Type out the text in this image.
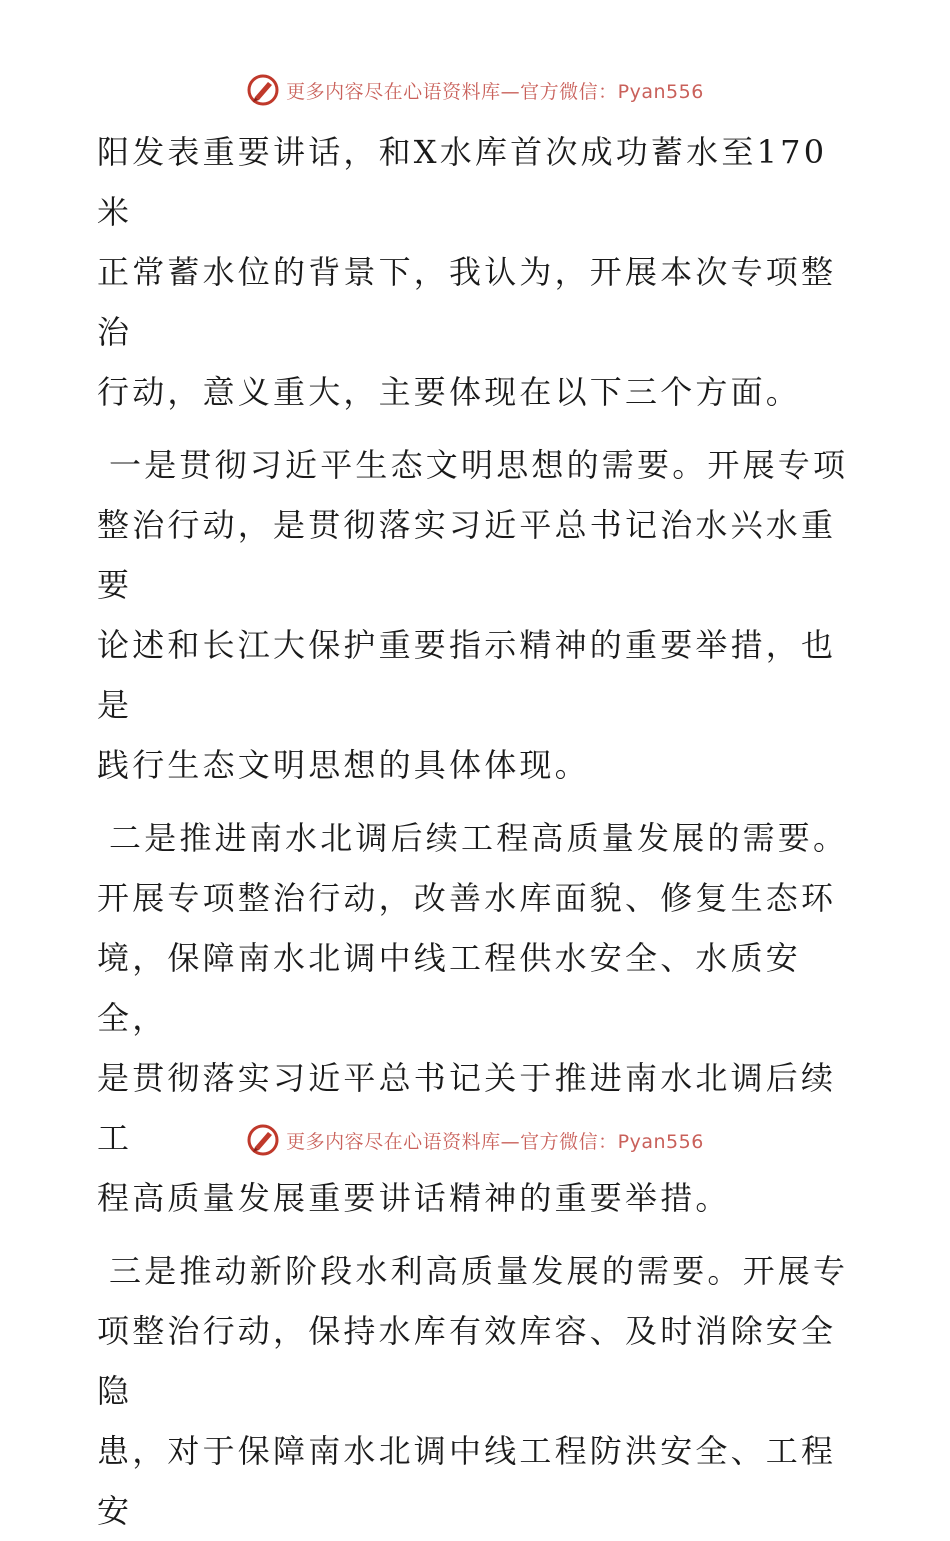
更多内容尽在心语资料库—官方微信：Pyan556
阳发表重要讲话，和X水库首次成功蓄水至170米
正常蓄水位的背景下，我认为，开展本次专项整治
行动，意义重大，主要体现在以下三个方面。
一是贯彻习近平生态文明思想的需要。开展专项
整治行动，是贯彻落实习近平总书记治水兴水重要
论述和长江大保护重要指示精神的重要举措，也是
践行生态文明思想的具体体现。
二是推进南水北调后续工程高质量发展的需要。
开展专项整治行动，改善水库面貌、修复生态环
境，保障南水北调中线工程供水安全、水质安全，
是贯彻落实习近平总书记关于推进南水北调后续工
程高质量发展重要讲话精神的重要举措。
三是推动新阶段水利高质量发展的需要。开展专
项整治行动，保持水库有效库容、及时消除安全隐
患，对于保障南水北调中线工程防洪安全、工程安
更多内容尽在心语资料库—官方微信：Pyan556
